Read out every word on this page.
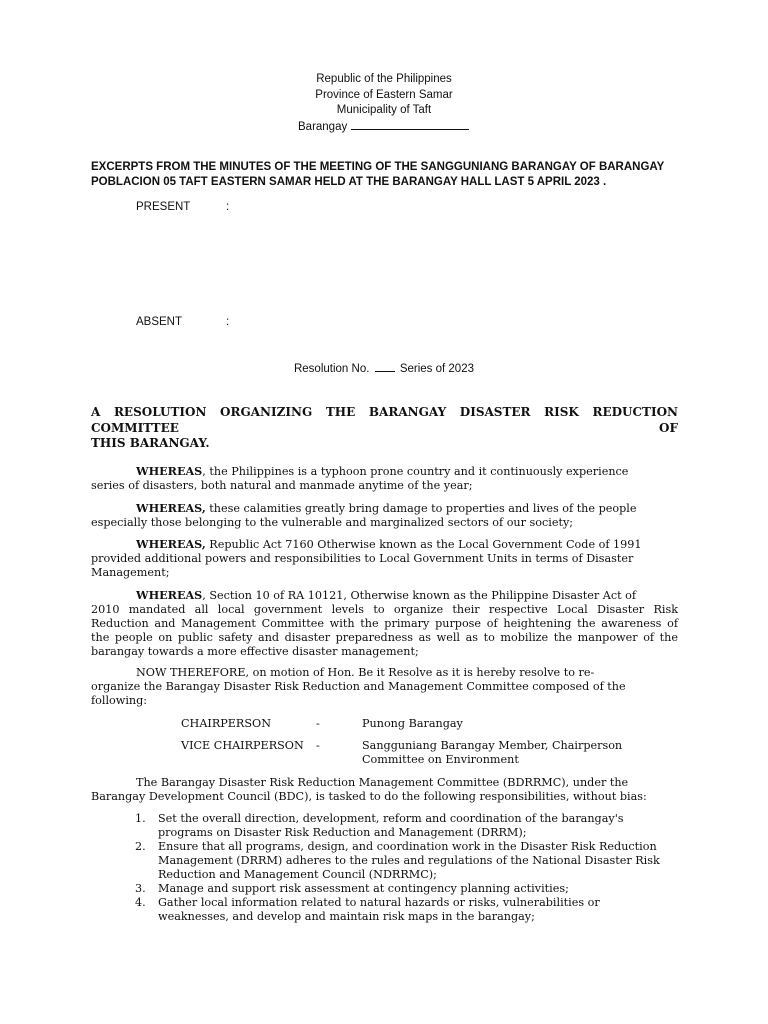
Republic of the Philippines
Province of Eastern Samar
Municipality of Taft
Barangay
EXCERPTS FROM THE MINUTES OF THE MEETING OF THE SANGGUNIANG BARANGAY OF BARANGAY
POBLACION 05 TAFT EASTERN SAMAR HELD AT THE BARANGAY HALL LAST 5 APRIL 2023 .
PRESENT	:
ABSENT	:
Resolution No.	Series of 2023
A RESOLUTION ORGANIZING THE BARANGAY DISASTER RISK REDUCTION COMMITTEE OF
THIS BARANGAY.
WHEREAS, the Philippines is a typhoon prone country and it continuously experience
series of disasters, both natural and manmade anytime of the year;
WHEREAS, these calamities greatly bring damage to properties and lives of the people
especially those belonging to the vulnerable and marginalized sectors of our society;
WHEREAS, Republic Act 7160 Otherwise known as the Local Government Code of 1991
provided additional powers and responsibilities to Local Government Units in terms of Disaster
Management;
WHEREAS, Section 10 of RA 10121, Otherwise known as the Philippine Disaster Act of
2010 mandated all local government levels to organize their respective Local Disaster Risk
Reduction and Management Committee with the primary purpose of heightening the awareness of
the people on public safety and disaster preparedness as well as to mobilize the manpower of the
barangay towards a more effective disaster management;
NOW THEREFORE, on motion of Hon. Be it Resolve as it is hereby resolve to re-
organize the Barangay Disaster Risk Reduction and Management Committee composed of the
following:
CHAIRPERSON	-	Punong Barangay
VICE CHAIRPERSON -	Sangguniang Barangay Member, Chairperson
Committee on Environment
The Barangay Disaster Risk Reduction Management Committee (BDRRMC), under the
Barangay Development Council (BDC), is tasked to do the following responsibilities, without bias:
1. Set the overall direction, development, reform and coordination of the barangay's
programs on Disaster Risk Reduction and Management (DRRM);
2. Ensure that all programs, design, and coordination work in the Disaster Risk Reduction
Management (DRRM) adheres to the rules and regulations of the National Disaster Risk
Reduction and Management Council (NDRRMC);
3. Manage and support risk assessment at contingency planning activities;
4. Gather local information related to natural hazards or risks, vulnerabilities or
weaknesses, and develop and maintain risk maps in the barangay;
